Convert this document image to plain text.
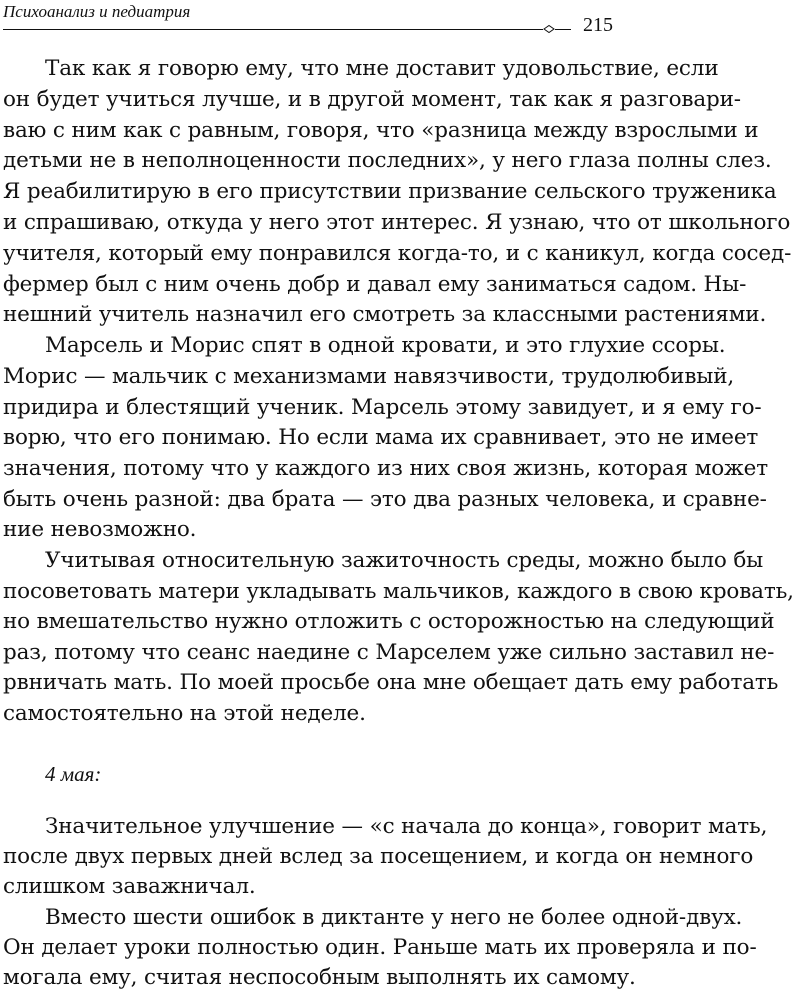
Психоанализ и педиатрия
215
Так как я говорю ему, что мне доставит удовольствие, если
он будет учиться лучше, и в другой момент, так как я разговари-
ваю с ним как с равным, говоря, что «разница между взрослыми и
детьми не в неполноценности последних», у него глаза полны слез.
Я реабилитирую в его присутствии призвание сельского труженика
и спрашиваю, откуда у него этот интерес. Я узнаю, что от школьного
учителя, который ему понравился когда-то, и с каникул, когда сосед-
фермер был с ним очень добр и давал ему заниматься садом. Ны-
нешний учитель назначил его смотреть за классными растениями.
Марсель и Морис спят в одной кровати, и это глухие ссоры.
Морис — мальчик с механизмами навязчивости, трудолюбивый,
придира и блестящий ученик. Марсель этому завидует, и я ему го-
ворю, что его понимаю. Но если мама их сравнивает, это не имеет
значения, потому что у каждого из них своя жизнь, которая может
быть очень разной: два брата — это два разных человека, и сравне-
ние невозможно.
Учитывая относительную зажиточность среды, можно было бы
посоветовать матери укладывать мальчиков, каждого в свою кровать,
но вмешательство нужно отложить с осторожностью на следующий
раз, потому что сеанс наедине с Марселем уже сильно заставил не-
рвничать мать. По моей просьбе она мне обещает дать ему работать
самостоятельно на этой неделе.
4 мая:
Значительное улучшение — «с начала до конца», говорит мать,
после двух первых дней вслед за посещением, и когда он немного
слишком заважничал.
Вместо шести ошибок в диктанте у него не более одной-двух.
Он делает уроки полностью один. Раньше мать их проверяла и по-
могала ему, считая неспособным выполнять их самому.
